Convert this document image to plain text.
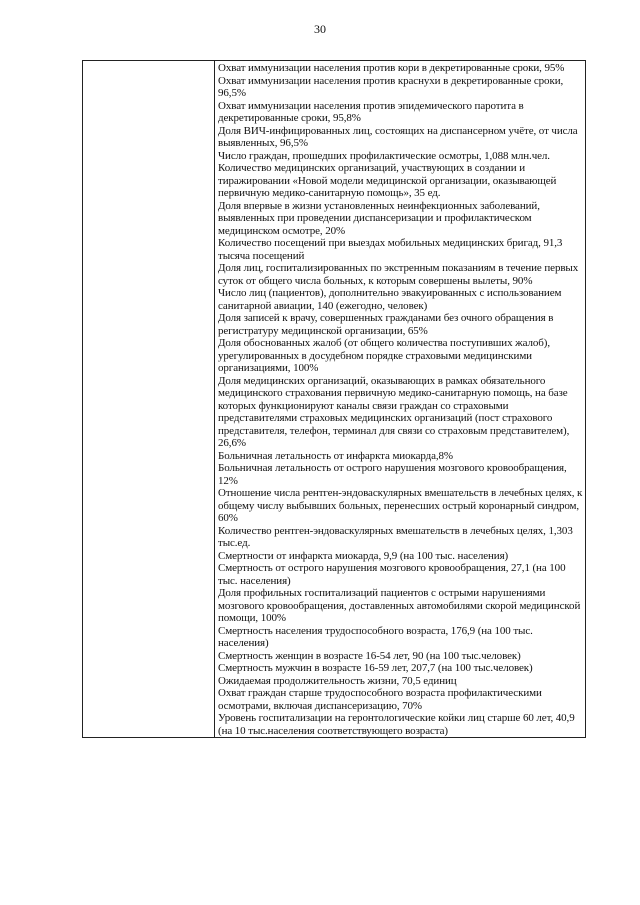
30

Охват иммунизации населения против кори в декретированные сроки, 95%
Охват иммунизации населения против краснухи в декретированные сроки, 96,5%
Охват иммунизации населения против эпидемического паротита в декретированные сроки, 95,8%
Доля ВИЧ-инфицированных лиц, состоящих на диспансерном учёте, от числа выявленных, 96,5%
Число граждан, прошедших профилактические осмотры, 1,088 млн.чел.
Количество медицинских организаций, участвующих в создании и тиражировании «Новой модели медицинской организации, оказывающей первичную медико-санитарную помощь», 35 ед.
Доля впервые в жизни установленных неинфекционных заболеваний, выявленных при проведении диспансеризации и профилактическом медицинском осмотре, 20%
Количество посещений при выездах мобильных медицинских бригад, 91,3 тысяча посещений
Доля лиц, госпитализированных по экстренным показаниям в течение первых суток от общего числа больных, к которым совершены вылеты, 90%
Число лиц (пациентов), дополнительно эвакуированных с использованием санитарной авиации, 140 (ежегодно, человек)
Доля записей к врачу, совершенных гражданами без очного обращения в регистратуру медицинской организации, 65%
Доля обоснованных жалоб (от общего количества поступивших жалоб), урегулированных в досудебном порядке страховыми медицинскими организациями, 100%
Доля медицинских организаций, оказывающих в рамках обязательного медицинского страхования первичную медико-санитарную помощь, на базе которых функционируют каналы связи граждан со страховыми представителями страховых медицинских организаций (пост страхового представителя, телефон, терминал для связи со страховым представителем), 26,6%
Больничная летальность от инфаркта миокарда,8%
Больничная летальность от острого нарушения мозгового кровообращения, 12%
Отношение числа рентген-эндоваскулярных вмешательств в лечебных целях, к общему числу выбывших больных, перенесших острый коронарный синдром, 60%
Количество рентген-эндоваскулярных вмешательств в лечебных целях, 1,303 тыс.ед.
Смертности от инфаркта миокарда, 9,9 (на 100 тыс. населения)
Смертность от острого нарушения мозгового кровообращения, 27,1 (на 100 тыс. населения)
Доля профильных госпитализаций пациентов с острыми нарушениями мозгового кровообращения, доставленных автомобилями скорой медицинской помощи, 100%
Смертность населения трудоспособного возраста, 176,9 (на 100 тыс. населения)
Смертность женщин в возрасте 16-54 лет, 90 (на 100 тыс.человек)
Смертность мужчин в возрасте 16-59 лет, 207,7 (на 100 тыс.человек)
Ожидаемая продолжительность жизни, 70,5 единиц
Охват граждан старше трудоспособного возраста профилактическими осмотрами, включая диспансеризацию, 70%
Уровень госпитализации на геронтологические койки лиц старше 60 лет, 40,9 (на 10 тыс.населения соответствующего возраста)
